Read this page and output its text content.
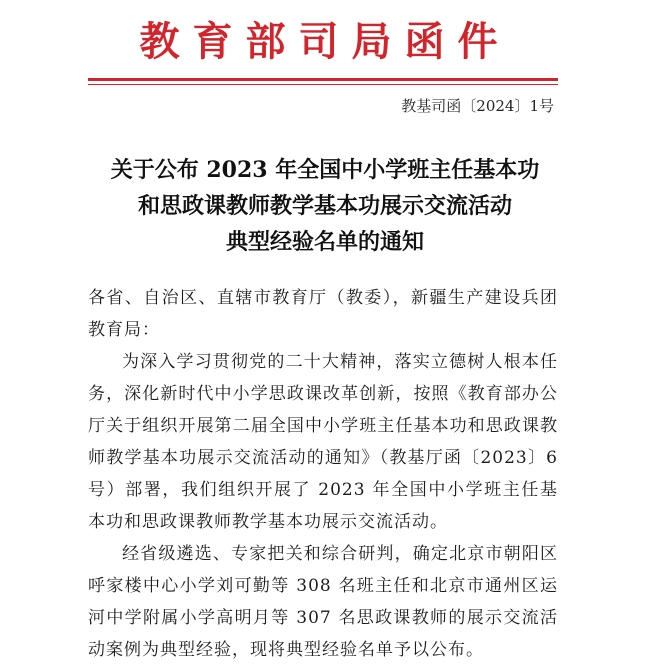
教育部司局函件
教基司函〔2024〕1号
关于公布 2023 年全国中小学班主任基本功
和思政课教师教学基本功展示交流活动
典型经验名单的通知
各省、自治区、直辖市教育厅（教委），新疆生产建设兵团教育局：
为深入学习贯彻党的二十大精神，落实立德树人根本任务，深化新时代中小学思政课改革创新，按照《教育部办公厅关于组织开展第二届全国中小学班主任基本功和思政课教师教学基本功展示交流活动的通知》（教基厅函〔2023〕6号）部署，我们组织开展了 2023 年全国中小学班主任基本功和思政课教师教学基本功展示交流活动。
经省级遴选、专家把关和综合研判，确定北京市朝阳区呼家楼中心小学刘可勤等 308 名班主任和北京市通州区运河中学附属小学高明月等 307 名思政课教师的展示交流活动案例为典型经验，现将典型经验名单予以公布。
